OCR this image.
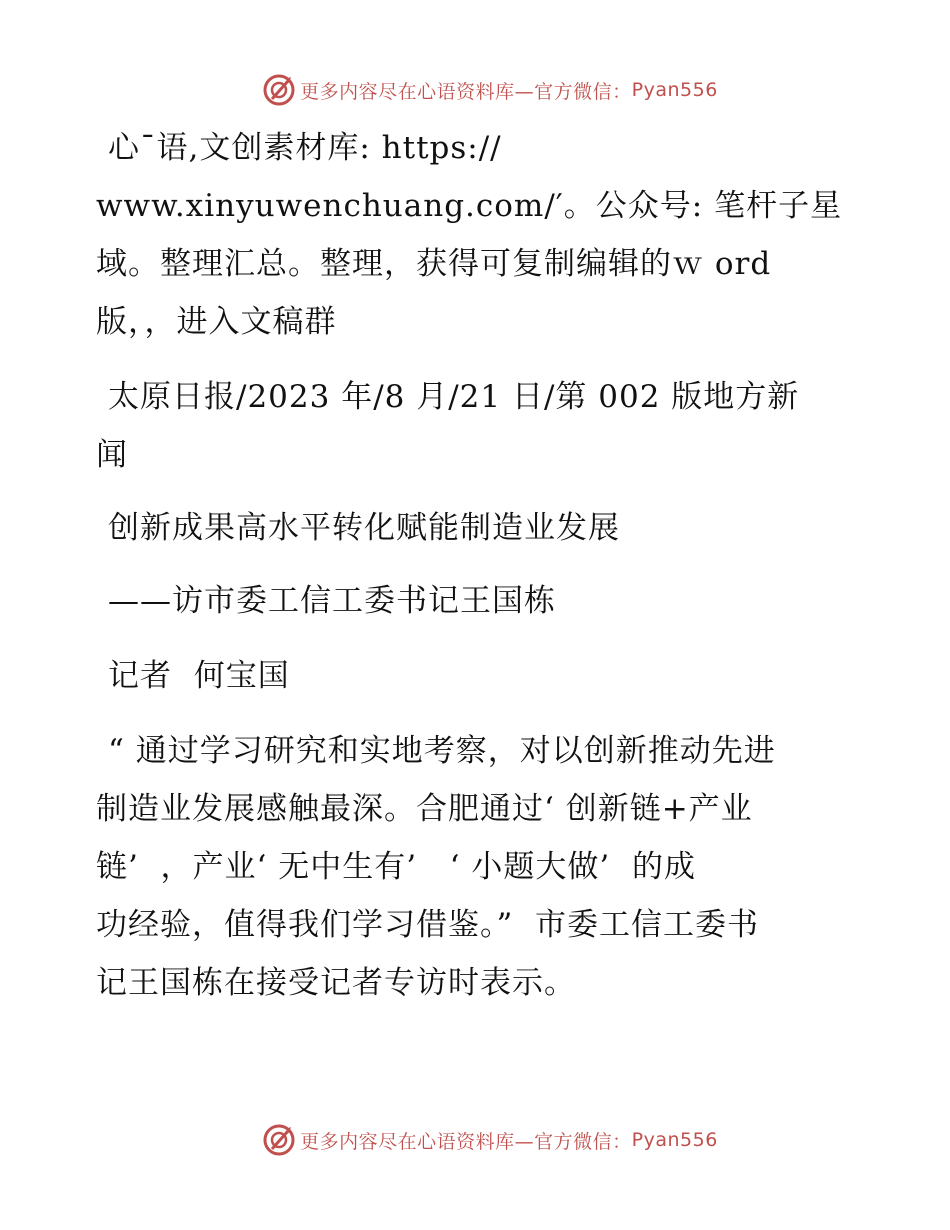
更多内容尽在心语资料库—官方微信： Pyan556
心¯语,文创素材库: https://
www.xinyuwenchuang.com/′。公众号: 笔杆子星
域。整理汇总。整理，获得可复制编辑的ｗ ord
版，，进入文稿群
太原日报/2023 年/8 月/21 日/第 002 版地方新
闻
创新成果高水平转化赋能制造业发展
——访市委工信工委书记王国栋
记者  何宝国
“ 通过学习研究和实地考察，对以创新推动先进
制造业发展感触最深。合肥通过‘ 创新链+产业
链’  ，产业‘ 无中生有’   ‘ 小题大做’  的成
功经验，值得我们学习借鉴。”  市委工信工委书
记王国栋在接受记者专访时表示。
更多内容尽在心语资料库—官方微信： Pyan556
